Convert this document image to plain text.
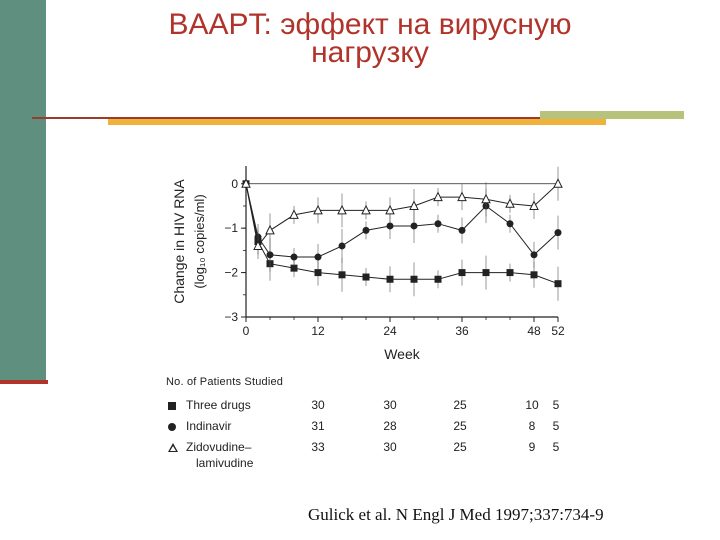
BAAPT: эффект на вирусную
нагрузку
0
−1
−2
−3
0	12	24	36	48 52
Week
Change in HIV RNA (log₁₀ copies/ml)
No. of Patients Studied
Three drugs	30	30	25	10	5
Indinavir	31	28	25	8	5
Zidovudine–
lamivudine
33	30	25	9	5
Gulick et al. N Engl J Med 1997;337:734-9
